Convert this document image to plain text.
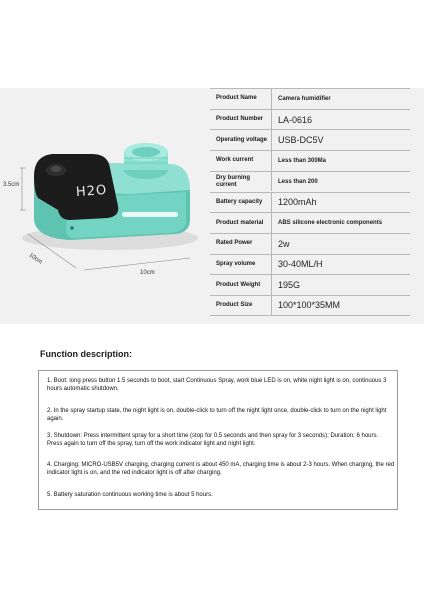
H2O
3.5cm
10cm
10cm
Product Name	Camera humidifier
Product Number	LA-0616
Operating voltage	USB-DC5V
Work current	Less than 300Ma
Dry burning current	Less than 200
Battery capacity	1200mAh
Product material	ABS silicone electronic components
Rated Power	2w
Spray volume	30-40ML/H
Product Weight	195G
Product Size	100*100*35MM
Function description:
1. Boot: long press button 1.5 seconds to boot, start Continuous Spray, work blue LED is on, white night light is on, continuous 3 hours automatic shutdown.
2. In the spray startup state, the night light is on, double-click to turn off the night light once, double-click to turn on the night light again.
3. Shutdown: Press intermittent spray for a short time (stop for 0.5 seconds and then spray for 3 seconds); Duration: 6 hours. Press again to turn off the spray, turn off the work indicator light and night light.
4. Charging: MICRO-USB5V charging, charging current is about 450 mA, charging time is about 2-3 hours. When charging, the red indicator light is on, and the red indicator light is off after charging.
5. Battery saturation continuous working time is about 5 hours.
